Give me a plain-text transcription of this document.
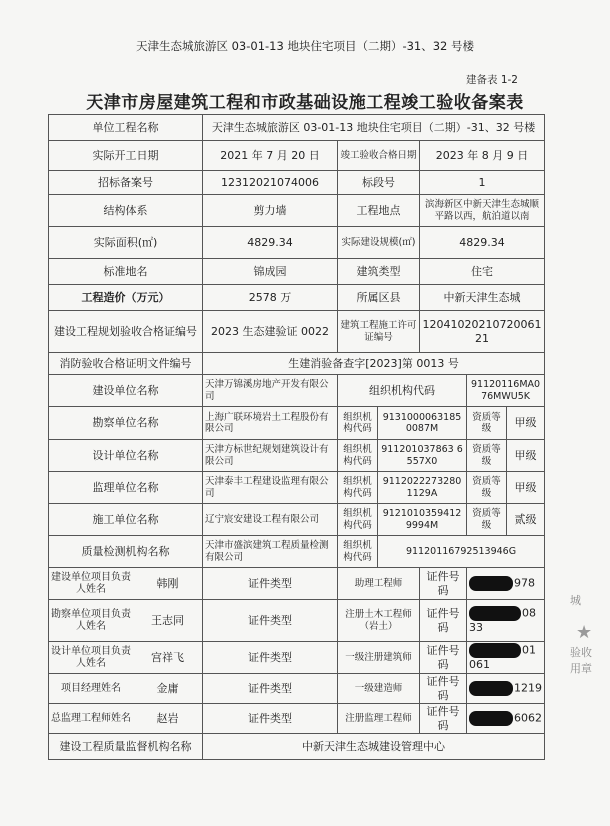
天津生态城旅游区 03-01-13 地块住宅项目（二期）-31、32 号楼
建备表 1-2
天津市房屋建筑工程和市政基础设施工程竣工验收备案表
单位工程名称	天津生态城旅游区 03-01-13 地块住宅项目（二期）-31、32 号楼					
实际开工日期	2021 年 7 月 20 日	竣工验收合格日期		2023 年 8 月 9 日		
招标备案号	12312021074006	标段号		1		
结构体系	剪力墙	工程地点		滨海新区中新天津生态城顺平路以西，航泊道以南		
实际面积(㎡)	4829.34	实际建设规模(㎡)		4829.34		
标准地名	锦成园	建筑类型		住宅		
工程造价（万元）	2578 万	所属区县		中新天津生态城		
建设工程规划验收合格证编号	2023 生态建验证 0022	建筑工程施工许可证编号		12041020210720061 21		
消防验收合格证明文件编号	生建消验备查字[2023]第 0013 号					
建设单位名称	天津万锦溪房地产开发有限公司	组织机构代码			91120116MA076MWU5K	
勘察单位名称	上海广联环境岩土工程股份有限公司	组织机构代码	91310000631850087M		资质等级	甲级
设计单位名称	天津方标世纪规划建筑设计有限公司	组织机构代码	911201037863 6557X0		资质等级	甲级
监理单位名称	天津泰丰工程建设监理有限公司	组织机构代码	91120222732801129A		资质等级	甲级
施工单位名称	辽宁宸安建设工程有限公司	组织机构代码	91210103594129994M		资质等级	贰级
质量检测机构名称	天津市盛滨建筑工程质量检测有限公司	组织机构代码	91120116792513946G			

建设单位项目负责人姓名 韩刚	证件类型	助理工程师		证件号码	978	

勘察单位项目负责人姓名 王志同	证件类型	注册土木工程师（岩土）		证件号码	0833	

设计单位项目负责人姓名 宫祥飞	证件类型	一级注册建筑师		证件号码	01061	

项目经理姓名 金庸	证件类型	一级建造师		证件号码	1219	

总监理工程师姓名 赵岩	证件类型	注册监理工程师		证件号码	6062	
建设工程质量监督机构名称	中新天津生态城建设管理中心					
城
★
验收
用章
